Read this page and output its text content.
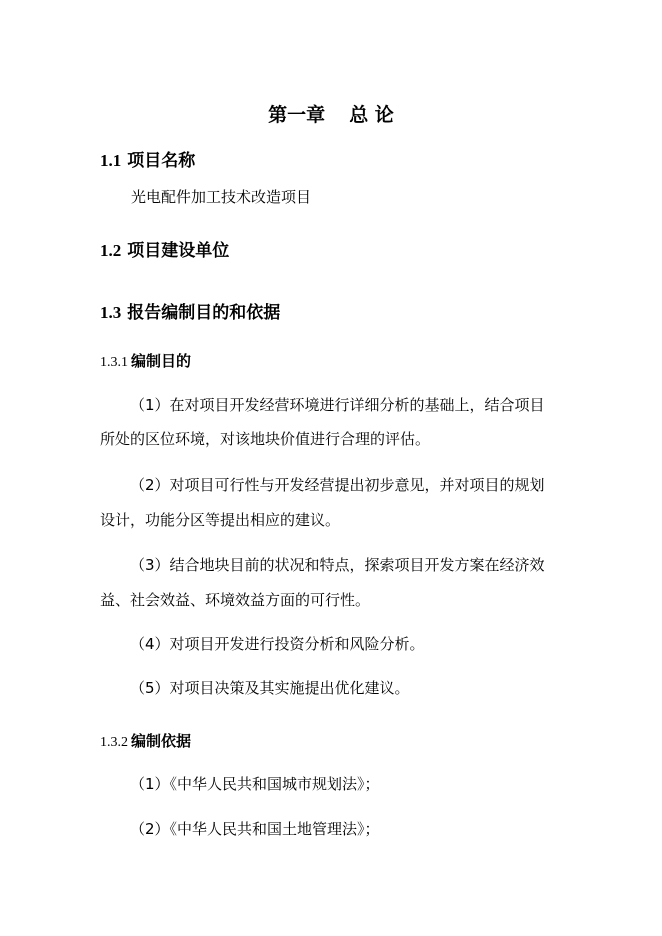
第一章 总 论
1.1 项目名称
光电配件加工技术改造项目
1.2 项目建设单位
1.3 报告编制目的和依据
1.3.1 编制目的
（1）在对项目开发经营环境进行详细分析的基础上，结合项目
所处的区位环境，对该地块价值进行合理的评估。
（2）对项目可行性与开发经营提出初步意见，并对项目的规划
设计，功能分区等提出相应的建议。
（3）结合地块目前的状况和特点，探索项目开发方案在经济效
益、社会效益、环境效益方面的可行性。
（4）对项目开发进行投资分析和风险分析。
（5）对项目决策及其实施提出优化建议。
1.3.2 编制依据
（1）《中华人民共和国城市规划法》；
（2）《中华人民共和国土地管理法》；
